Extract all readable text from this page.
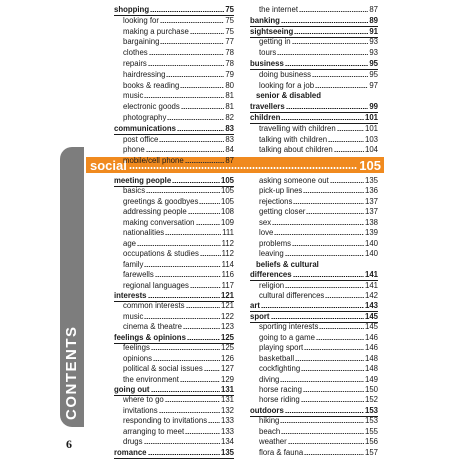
6
social	105
shopping	75
looking for	75
making a purchase	75
bargaining	77
clothes	78
repairs	78
hairdressing	79
books & reading	80
music	81
electronic goods	81
photography	82
communications	83
post office	83
phone	84
mobile/cell phone	87
the internet	87
banking	89
sightseeing	91
getting in	93
tours	93
business	95
doing business	95
looking for a job	97
senior & disabled
travellers	99
children	101
travelling with children	101
talking with children	103
talking about children	104
meeting people	105
basics	105
greetings & goodbyes	105
addressing people	108
making conversation	109
nationalities	111
age	112
occupations & studies	112
family	114
farewells	116
regional languages	117
interests	121
common interests	121
music	122
cinema & theatre	123
feelings & opinions	125
feelings	125
opinions	126
political & social issues 127
the environment	129
going out	131
where to go	131
invitations	132
responding to invitations 133
arranging to meet	133
drugs	134
romance	135
asking someone out	135
pick-up lines	136
rejections	137
getting closer	137
sex	138
love	139
problems	140
leaving	140
beliefs & cultural
differences	141
religion	141
cultural differences	142
art	143
sport	145
sporting interests	145
going to a game	146
playing sport	146
basketball	148
cockfighting	148
diving	149
horse racing	150
horse riding	152
outdoors	153
hiking	153
beach	155
weather	156
flora & fauna	157
